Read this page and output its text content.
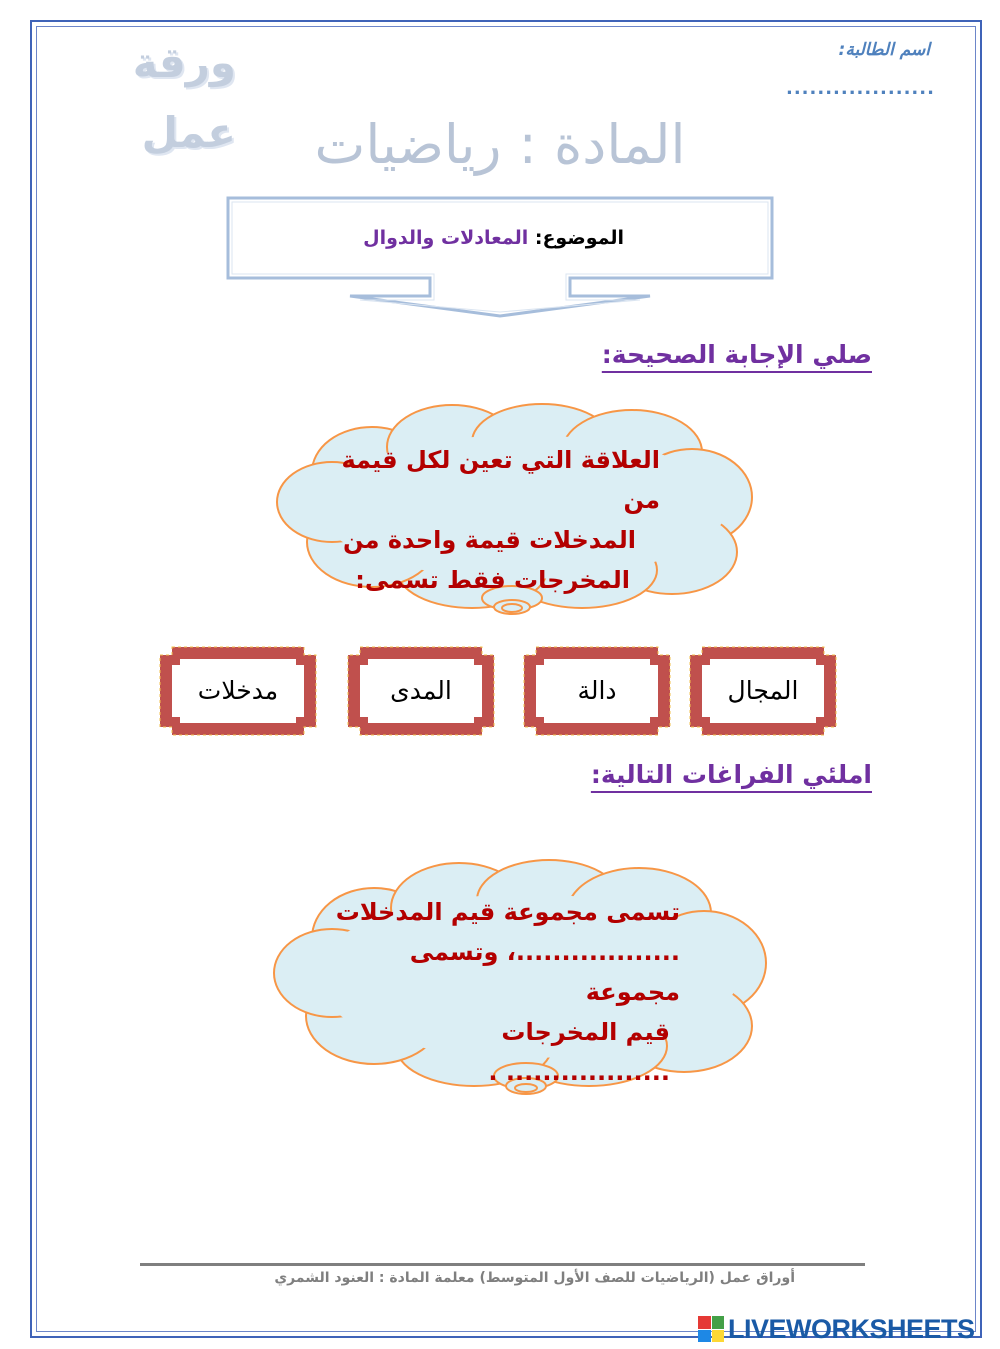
ورقة عمل
اسم الطالبة:
...................
المادة : رياضيات
الموضوع: المعادلات والدوال
صلي الإجابة الصحيحة:
العلاقة التي تعين لكل قيمة من
المدخلات قيمة واحدة من
المخرجات فقط تسمى:
المجال
دالة
المدى
مدخلات
املئي الفراغات التالية:
تسمى مجموعة قيم المدخلات
..................، وتسمى مجموعة
قيم المخرجات .................. .
أوراق عمل (الرياضيات للصف الأول المتوسط) معلمة المادة : العنود الشمري
LIVEWORKSHEETS
